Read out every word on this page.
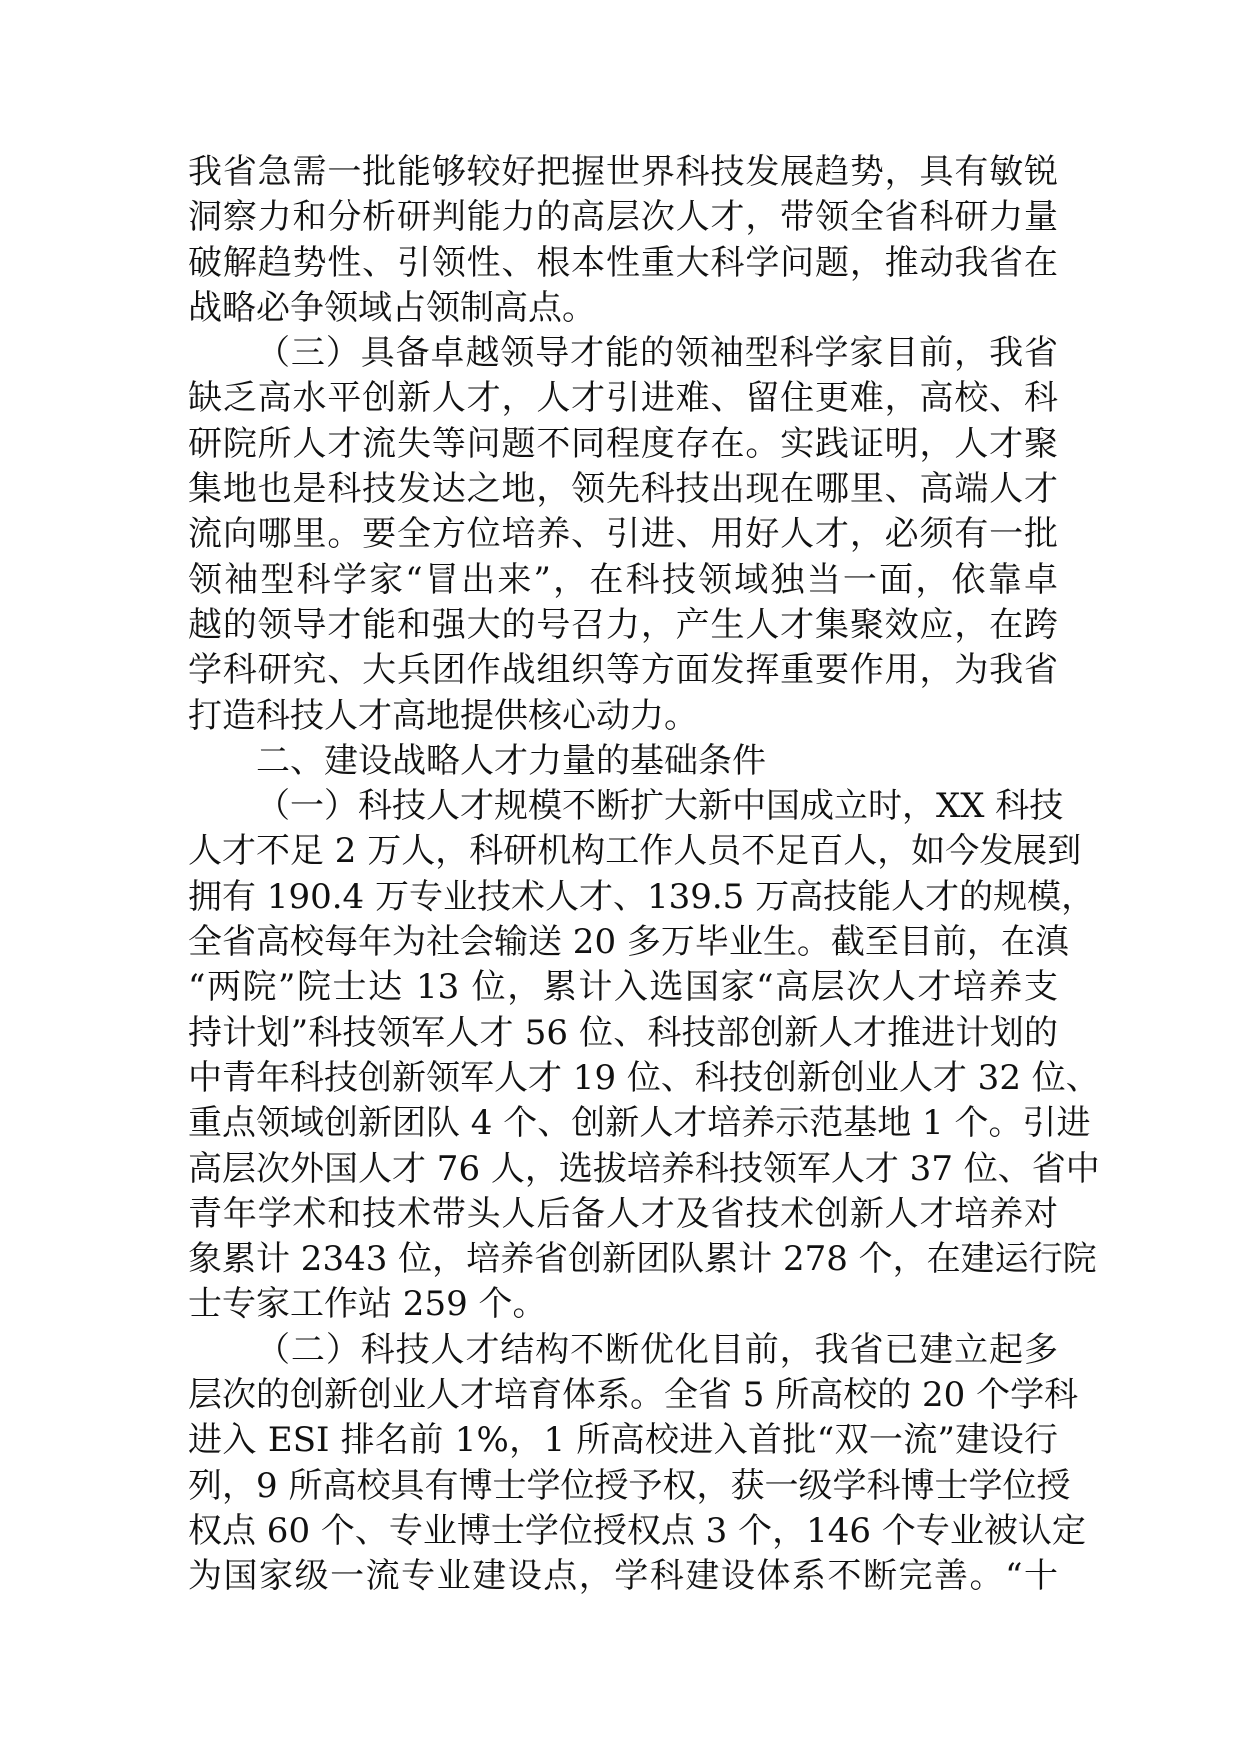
我省急需一批能够较好把握世界科技发展趋势，具有敏锐
洞察力和分析研判能力的高层次人才，带领全省科研力量
破解趋势性、引领性、根本性重大科学问题，推动我省在
战略必争领域占领制高点。
（三）具备卓越领导才能的领袖型科学家目前，我省
缺乏高水平创新人才，人才引进难、留住更难，高校、科
研院所人才流失等问题不同程度存在。实践证明，人才聚
集地也是科技发达之地，领先科技出现在哪里、高端人才
流向哪里。要全方位培养、引进、用好人才，必须有一批
领袖型科学家“冒出来”，在科技领域独当一面，依靠卓
越的领导才能和强大的号召力，产生人才集聚效应，在跨
学科研究、大兵团作战组织等方面发挥重要作用，为我省
打造科技人才高地提供核心动力。
二、建设战略人才力量的基础条件
（一）科技人才规模不断扩大新中国成立时，XX 科技
人才不足 2 万人，科研机构工作人员不足百人，如今发展到
拥有 190.4 万专业技术人才、139.5 万高技能人才的规模，
全省高校每年为社会输送 20 多万毕业生。截至目前，在滇
“两院”院士达 13 位，累计入选国家“高层次人才培养支
持计划”科技领军人才 56 位、科技部创新人才推进计划的
中青年科技创新领军人才 19 位、科技创新创业人才 32 位、
重点领域创新团队 4 个、创新人才培养示范基地 1 个。引进
高层次外国人才 76 人，选拔培养科技领军人才 37 位、省中
青年学术和技术带头人后备人才及省技术创新人才培养对
象累计 2343 位，培养省创新团队累计 278 个，在建运行院
士专家工作站 259 个。
（二）科技人才结构不断优化目前，我省已建立起多
层次的创新创业人才培育体系。全省 5 所高校的 20 个学科
进入 ESI 排名前 1%，1 所高校进入首批“双一流”建设行
列，9 所高校具有博士学位授予权，获一级学科博士学位授
权点 60 个、专业博士学位授权点 3 个，146 个专业被认定
为国家级一流专业建设点，学科建设体系不断完善。“十
